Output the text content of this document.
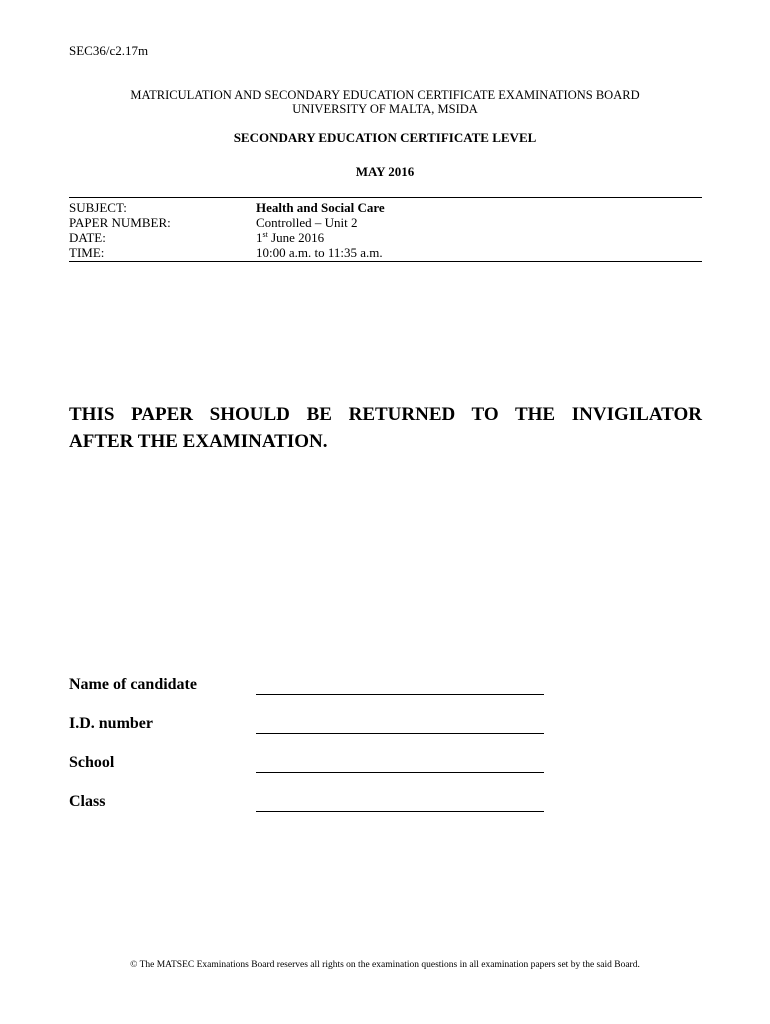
SEC36/c2.17m
MATRICULATION AND SECONDARY EDUCATION CERTIFICATE EXAMINATIONS BOARD
UNIVERSITY OF MALTA, MSIDA
SECONDARY EDUCATION CERTIFICATE LEVEL
MAY 2016
SUBJECT:	Health and Social Care
PAPER NUMBER:	Controlled – Unit 2
DATE:	1st June 2016
TIME:	10:00 a.m. to 11:35 a.m.
THIS PAPER SHOULD BE RETURNED TO THE INVIGILATOR
AFTER THE EXAMINATION.
Name of candidate
I.D. number
School
Class
© The MATSEC Examinations Board reserves all rights on the examination questions in all examination papers set by the said Board.
